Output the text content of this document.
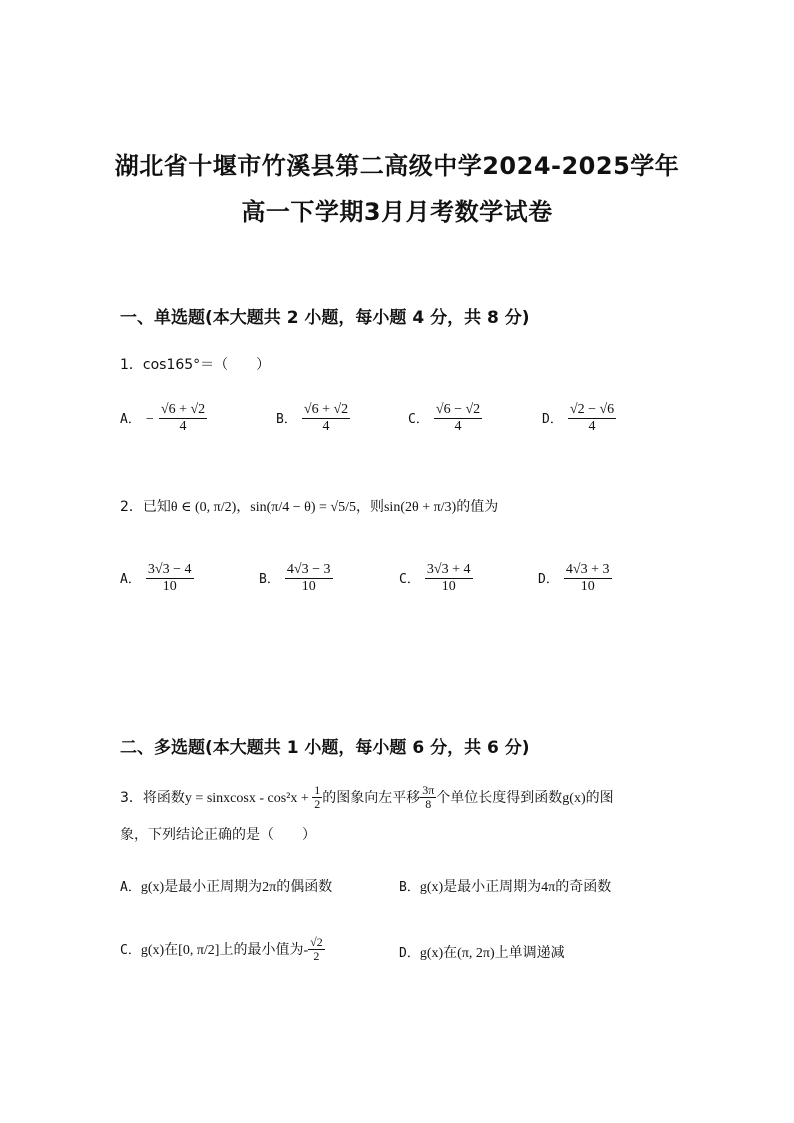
湖北省十堰市竹溪县第二高级中学2024-2025学年
高一下学期3月月考数学试卷
一、单选题(本大题共 2 小题，每小题 4 分，共 8 分)
1．cos165°＝（　　）
A． − $\frac{√6 + √2}{4}$	B． $\frac{√6 + √2}{4}$	C． $\frac{√6 - √2}{4}$	D． $\frac{√2 - √6}{4}$
2．已知θ ∈ (0, π/2)，sin(π/4 − θ) = √5/5，则sin(2θ + π/3)的值为
A． $\frac{3√3 - 4}{10}$	B． $\frac{4√3 - 3}{10}$	C． $\frac{3√3 + 4}{10}$	D． $\frac{4√3 + 3}{10}$
二、多选题(本大题共 1 小题，每小题 6 分，共 6 分)
3．将函数y = sinxcosx - $\cos^2x + \frac{1}{2}$ 的图象向左平移 $\frac{3\pi}{8}$ 个单位长度得到函数g(x)的图
象，下列结论正确的是（　　）
A．g(x)是最小正周期为2π的偶函数	B．g(x)是最小正周期为4π的奇函数
C．g(x)在[0, π/2]上的最小值为- $\frac{√2}{2}$	D．g(x)在(π, 2π)上单调递减
